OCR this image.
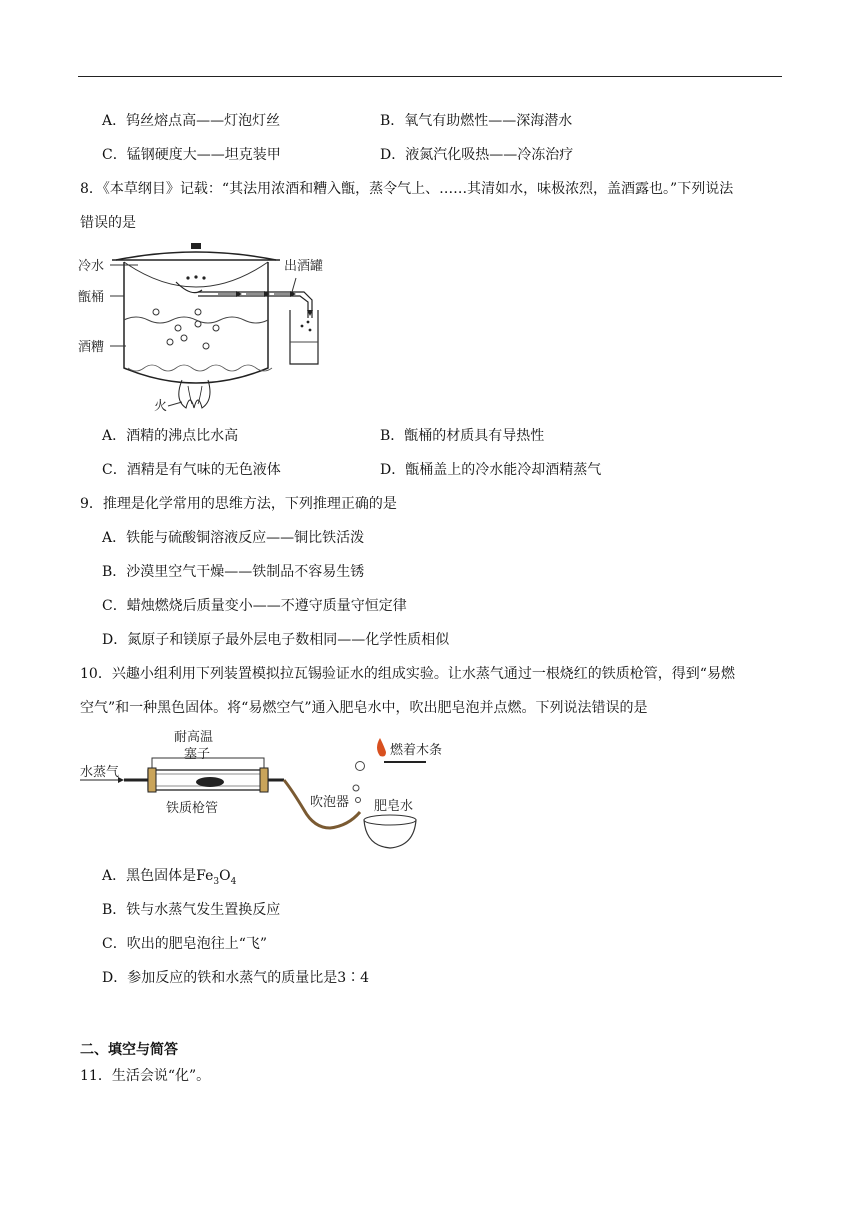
A．钨丝熔点高——灯泡灯丝	B．氧气有助燃性——深海潜水
C．锰钢硬度大——坦克装甲	D．液氮汽化吸热——冷冻治疗
8．《本草纲目》记载：“其法用浓酒和糟入甑，蒸令气上、……其清如水，味极浓烈，盖酒露也。”下列说法
错误的是
冷水
甑桶
酒糟
火
出酒罐
A．酒精的沸点比水高	B．甑桶的材质具有导热性
C．酒精是有气味的无色液体	D．甑桶盖上的冷水能冷却酒精蒸气
9．推理是化学常用的思维方法，下列推理正确的是
A．铁能与硫酸铜溶液反应——铜比铁活泼
B．沙漠里空气干燥——铁制品不容易生锈
C．蜡烛燃烧后质量变小——不遵守质量守恒定律
D．氮原子和镁原子最外层电子数相同——化学性质相似
10．兴趣小组利用下列装置模拟拉瓦锡验证水的组成实验。让水蒸气通过一根烧红的铁质枪管，得到“易燃
空气”和一种黑色固体。将“易燃空气”通入肥皂水中，吹出肥皂泡并点燃。下列说法错误的是
水蒸气
耐高温
塞子
铁质枪管	吹泡器 肥皂水
燃着木条
A．黑色固体是$Fe_3O_4$
B．铁与水蒸气发生置换反应
C．吹出的肥皂泡往上“飞”
D．参加反应的铁和水蒸气的质量比是3∶4
二、填空与简答
11．生活会说“化”。
